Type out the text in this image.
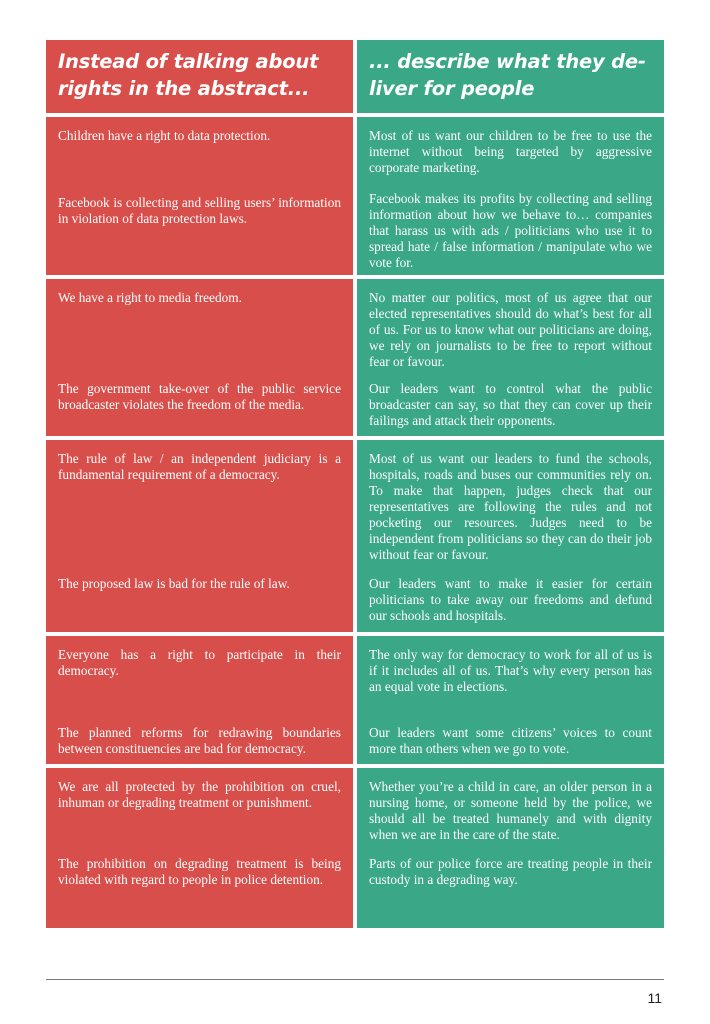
Instead of talking about rights in the abstract...
... describe what they de-liver for people
Children have a right to data protection.
Facebook is collecting and selling users’ information in violation of data protection laws.
Most of us want our children to be free to use the internet without being targeted by aggressive corporate marketing.
Facebook makes its profits by collecting and selling information about how we behave to… companies that harass us with ads / politicians who use it to spread hate / false information / manipulate who we vote for.
We have a right to media freedom.
The government take-over of the public service broadcaster violates the freedom of the media.
No matter our politics, most of us agree that our elected representatives should do what’s best for all of us. For us to know what our politicians are doing, we rely on journalists to be free to report without fear or favour.
Our leaders want to control what the public broadcaster can say, so that they can cover up their failings and attack their opponents.
The rule of law / an independent judiciary is a fundamental requirement of a democracy.
The proposed law is bad for the rule of law.
Most of us want our leaders to fund the schools, hospitals, roads and buses our communities rely on. To make that happen, judges check that our representatives are following the rules and not pocketing our resources. Judges need to be independent from politicians so they can do their job without fear or favour.
Our leaders want to make it easier for certain politicians to take away our freedoms and defund our schools and hospitals.
Everyone has a right to participate in their democracy.
The planned reforms for redrawing boundaries between constituencies are bad for democracy.
The only way for democracy to work for all of us is if it includes all of us. That’s why every person has an equal vote in elections.
Our leaders want some citizens’ voices to count more than others when we go to vote.
We are all protected by the prohibition on cruel, inhuman or degrading treatment or punishment.
The prohibition on degrading treatment is being violated with regard to people in police detention.
Whether you’re a child in care, an older person in a nursing home, or someone held by the police, we should all be treated humanely and with dignity when we are in the care of the state.
Parts of our police force are treating people in their custody in a degrading way.
11
